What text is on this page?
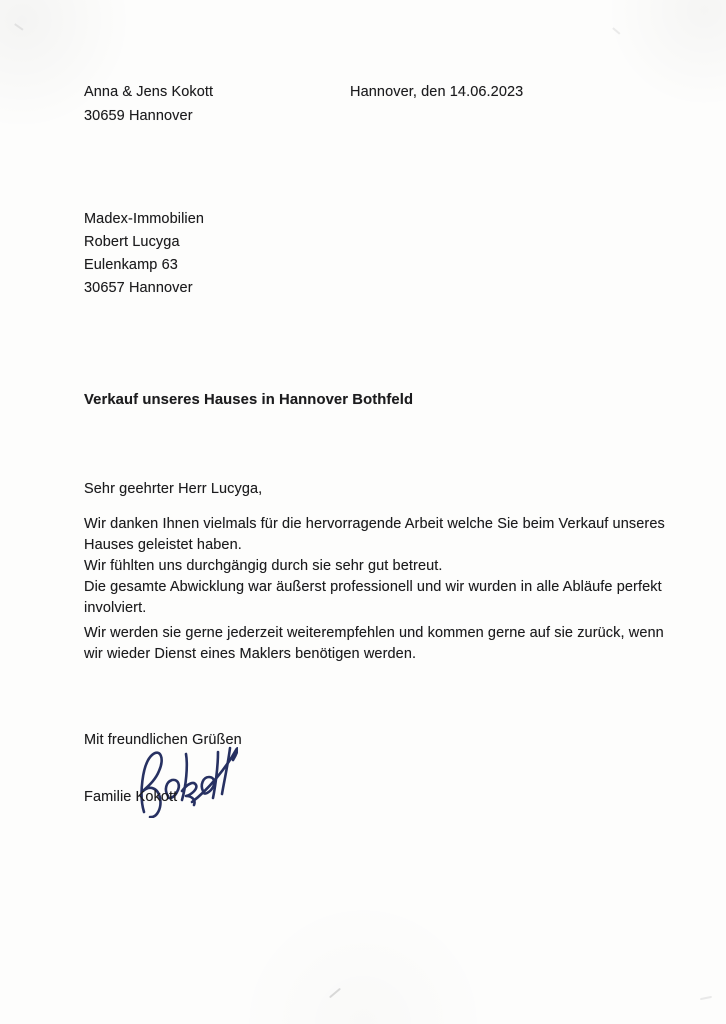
Anna & Jens Kokott
30659 Hannover
Hannover, den 14.06.2023
Madex-Immobilien
Robert Lucyga
Eulenkamp 63
30657 Hannover
Verkauf unseres Hauses in Hannover Bothfeld
Sehr geehrter Herr Lucyga,
Wir danken Ihnen vielmals für die hervorragende Arbeit welche Sie beim Verkauf unseres
Hauses geleistet haben.
Wir fühlten uns durchgängig durch sie sehr gut betreut.
Die gesamte Abwicklung war äußerst professionell und wir wurden in alle Abläufe perfekt
involviert.
Wir werden sie gerne jederzeit weiterempfehlen und kommen gerne auf sie zurück, wenn
wir wieder Dienst eines Maklers benötigen werden.
Mit freundlichen Grüßen
Familie Kokott
